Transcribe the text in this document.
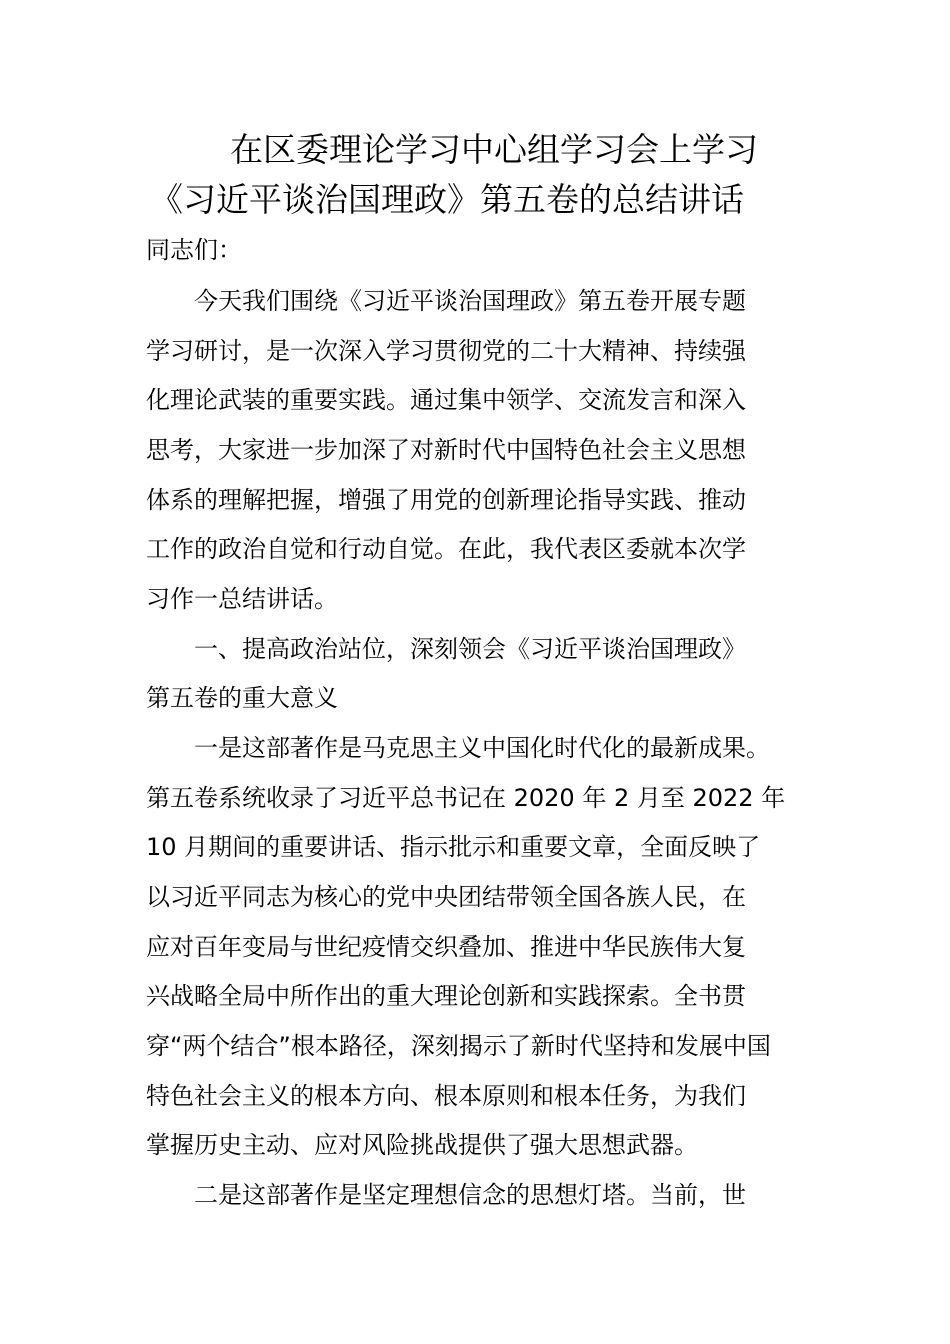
在区委理论学习中心组学习会上学习
《习近平谈治国理政》第五卷的总结讲话
同志们：
今天我们围绕《习近平谈治国理政》第五卷开展专题
学习研讨，是一次深入学习贯彻党的二十大精神、持续强
化理论武装的重要实践。通过集中领学、交流发言和深入
思考，大家进一步加深了对新时代中国特色社会主义思想
体系的理解把握，增强了用党的创新理论指导实践、推动
工作的政治自觉和行动自觉。在此，我代表区委就本次学
习作一总结讲话。
一、提高政治站位，深刻领会《习近平谈治国理政》
第五卷的重大意义
一是这部著作是马克思主义中国化时代化的最新成果。
第五卷系统收录了习近平总书记在 2020 年 2 月至 2022 年
10 月期间的重要讲话、指示批示和重要文章，全面反映了
以习近平同志为核心的党中央团结带领全国各族人民，在
应对百年变局与世纪疫情交织叠加、推进中华民族伟大复
兴战略全局中所作出的重大理论创新和实践探索。全书贯
穿“两个结合”根本路径，深刻揭示了新时代坚持和发展中国
特色社会主义的根本方向、根本原则和根本任务，为我们
掌握历史主动、应对风险挑战提供了强大思想武器。
二是这部著作是坚定理想信念的思想灯塔。当前，世
